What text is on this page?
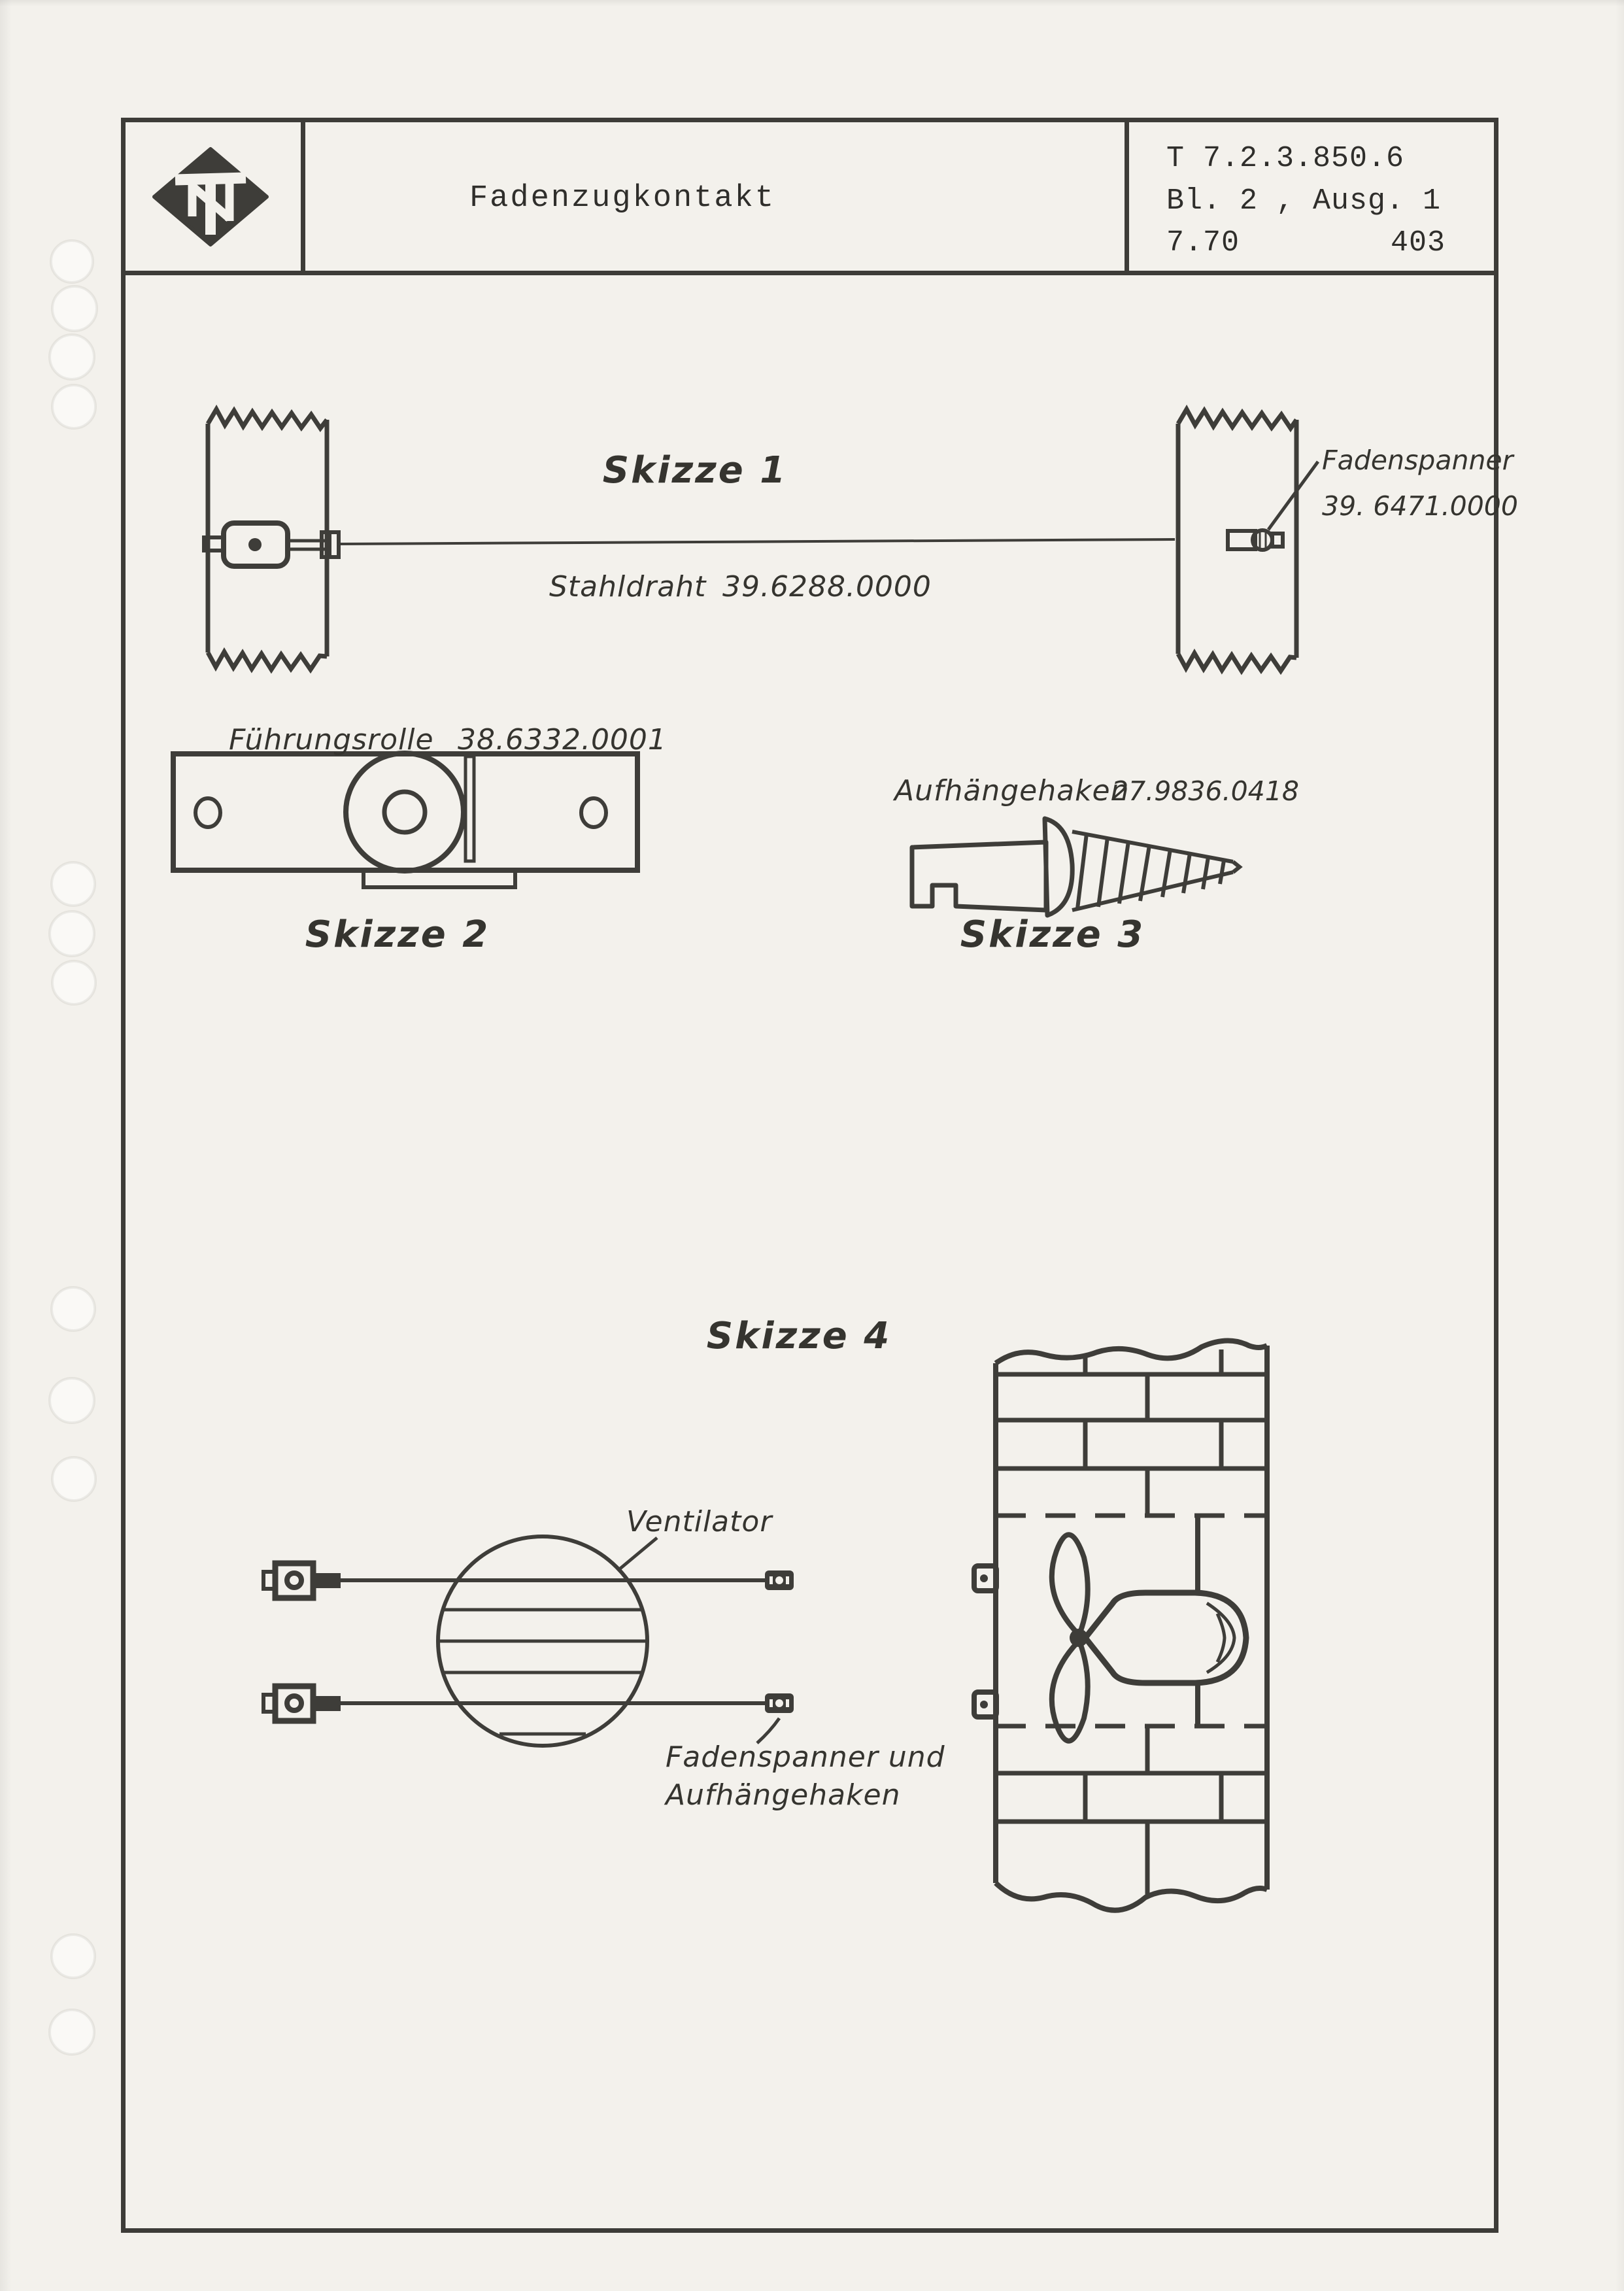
Fadenzugkontakt
T 7.2.3.850.6
Bl. 2 , Ausg. 1
7.70	403
Skizze 1
Stahldraht 39.6288.0000
Fadenspanner
39. 6471.0000
Führungsrolle 38.6332.0001
Skizze 2
Aufhängehaken
27.9836.0418
Skizze 3
Skizze 4
Ventilator
Fadenspanner und
Aufhängehaken
